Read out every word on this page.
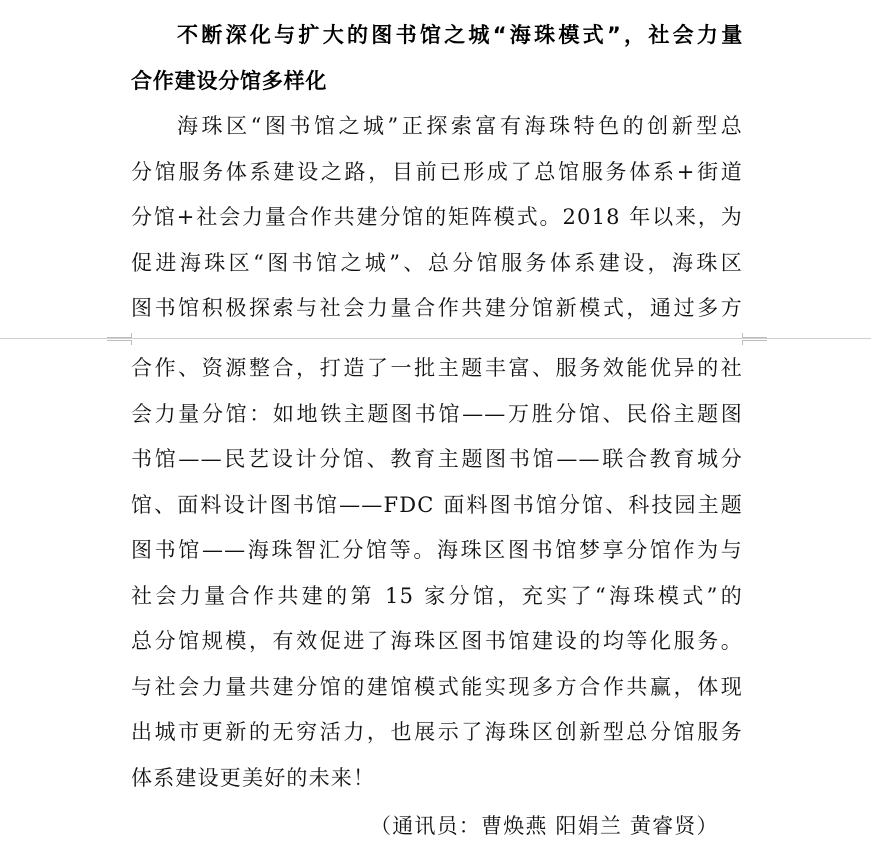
不断深化与扩大的图书馆之城“海珠模式”，社会力量
合作建设分馆多样化
海珠区“图书馆之城”正探索富有海珠特色的创新型总
分馆服务体系建设之路，目前已形成了总馆服务体系+街道
分馆+社会力量合作共建分馆的矩阵模式。2018 年以来，为
促进海珠区“图书馆之城”、总分馆服务体系建设，海珠区
图书馆积极探索与社会力量合作共建分馆新模式，通过多方
合作、资源整合，打造了一批主题丰富、服务效能优异的社
会力量分馆：如地铁主题图书馆——万胜分馆、民俗主题图
书馆——民艺设计分馆、教育主题图书馆——联合教育城分
馆、面料设计图书馆——FDC 面料图书馆分馆、科技园主题
图书馆——海珠智汇分馆等。海珠区图书馆梦享分馆作为与
社会力量合作共建的第 15 家分馆，充实了“海珠模式”的
总分馆规模，有效促进了海珠区图书馆建设的均等化服务。
与社会力量共建分馆的建馆模式能实现多方合作共赢，体现
出城市更新的无穷活力，也展示了海珠区创新型总分馆服务
体系建设更美好的未来！
（通讯员：曹焕燕 阳娟兰 黄睿贤）
